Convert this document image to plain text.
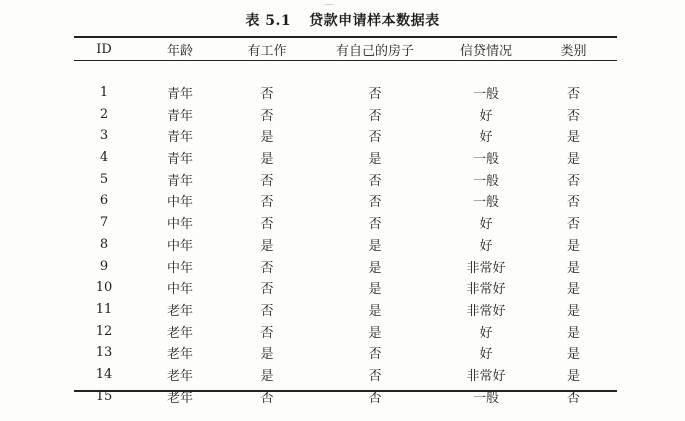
表 5.1 贷款申请样本数据表
ID	年龄	有工作	有自己的房子	信贷情况	类别

1	青年	否	否	一般	否
2	青年	否	否	好	否
3	青年	是	否	好	是
4	青年	是	是	一般	是
5	青年	否	否	一般	否
6	中年	否	否	一般	否
7	中年	否	否	好	否
8	中年	是	是	好	是
9	中年	否	是	非常好	是
10	中年	否	是	非常好	是
11	老年	否	是	非常好	是
12	老年	否	是	好	是
13	老年	是	否	好	是
14	老年	是	否	非常好	是
15	老年	否	否	一般	否
